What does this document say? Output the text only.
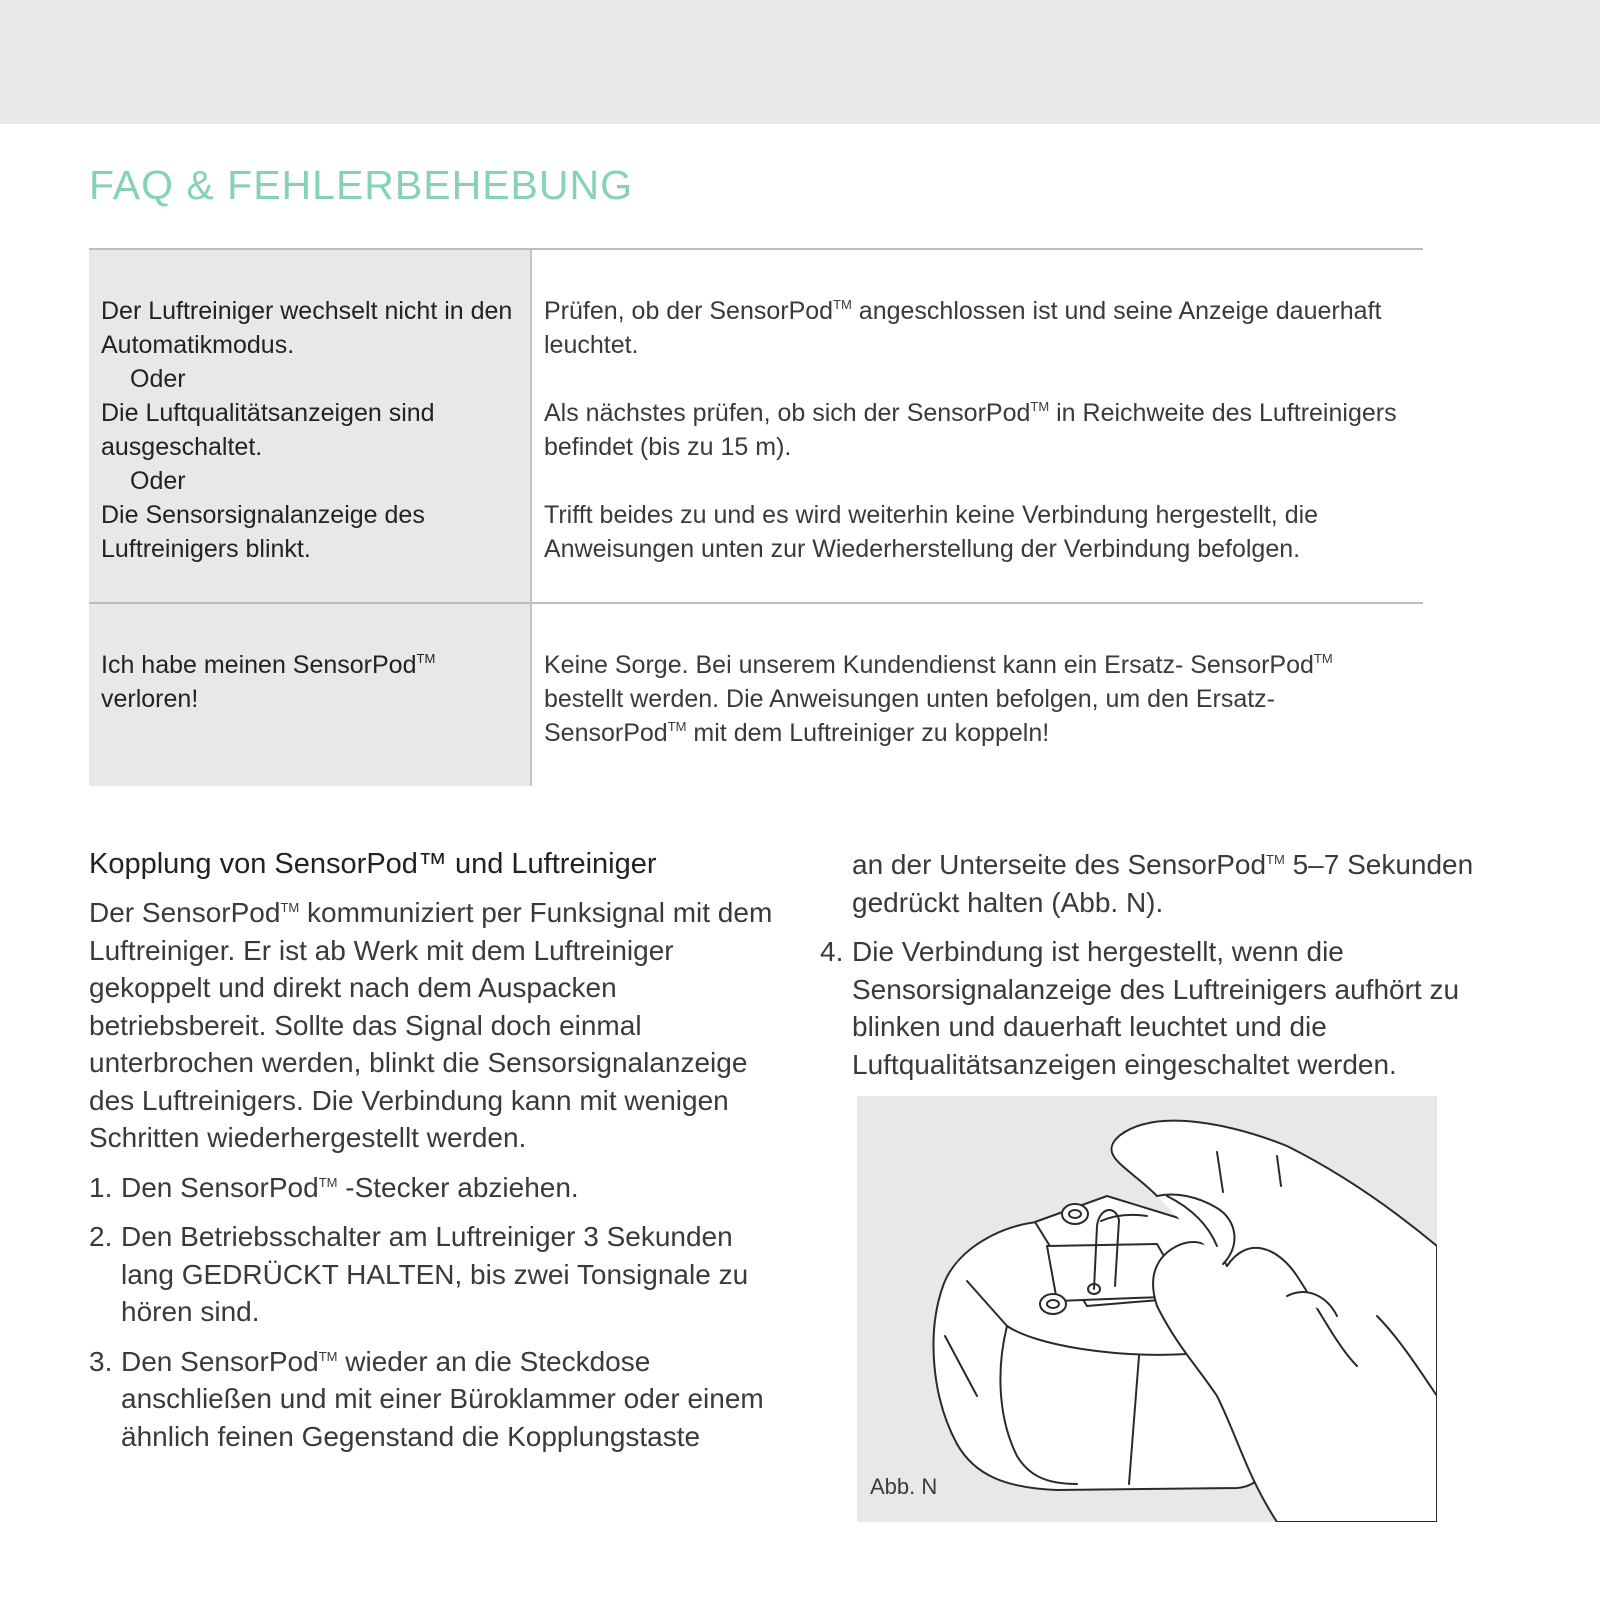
FAQ & FEHLERBEHEBUNG
Der Luftreiniger wechselt nicht in den Automatikmodus.
Oder
Die Luftqualitätsanzeigen sind ausgeschaltet.
Oder
Die Sensorsignalanzeige des Luftreinigers blinkt.

Prüfen, ob der SensorPod™ angeschlossen ist und seine Anzeige dauerhaft leuchtet.

Als nächstes prüfen, ob sich der SensorPod™ in Reichweite des Luftreinigers befindet (bis zu 15 m).

Trifft beides zu und es wird weiterhin keine Verbindung hergestellt, die Anweisungen unten zur Wiederherstellung der Verbindung befolgen.

Ich habe meinen SensorPod™ verloren!

Keine Sorge. Bei unserem Kundendienst kann ein Ersatz- SensorPod™ bestellt werden. Die Anweisungen unten befolgen, um den Ersatz- SensorPod™ mit dem Luftreiniger zu koppeln!

Kopplung von SensorPod™ und Luftreiniger

Der SensorPod™ kommuniziert per Funksignal mit dem Luftreiniger. Er ist ab Werk mit dem Luftreiniger gekoppelt und direkt nach dem Auspacken betriebsbereit. Sollte das Signal doch einmal unterbrochen werden, blinkt die Sensorsignalanzeige des Luftreinigers. Die Verbindung kann mit wenigen Schritten wiederhergestellt werden.

1. Den SensorPod™ -Stecker abziehen.
2. Den Betriebsschalter am Luftreiniger 3 Sekunden lang GEDRÜCKT HALTEN, bis zwei Tonsignale zu hören sind.
3. Den SensorPod™ wieder an die Steckdose anschließen und mit einer Büroklammer oder einem ähnlich feinen Gegenstand die Kopplungstaste

an der Unterseite des SensorPod™ 5–7 Sekunden gedrückt halten (Abb. N).

4. Die Verbindung ist hergestellt, wenn die Sensorsignalanzeige des Luftreinigers aufhört zu blinken und dauerhaft leuchtet und die Luftqualitätsanzeigen eingeschaltet werden.
Abb. N
